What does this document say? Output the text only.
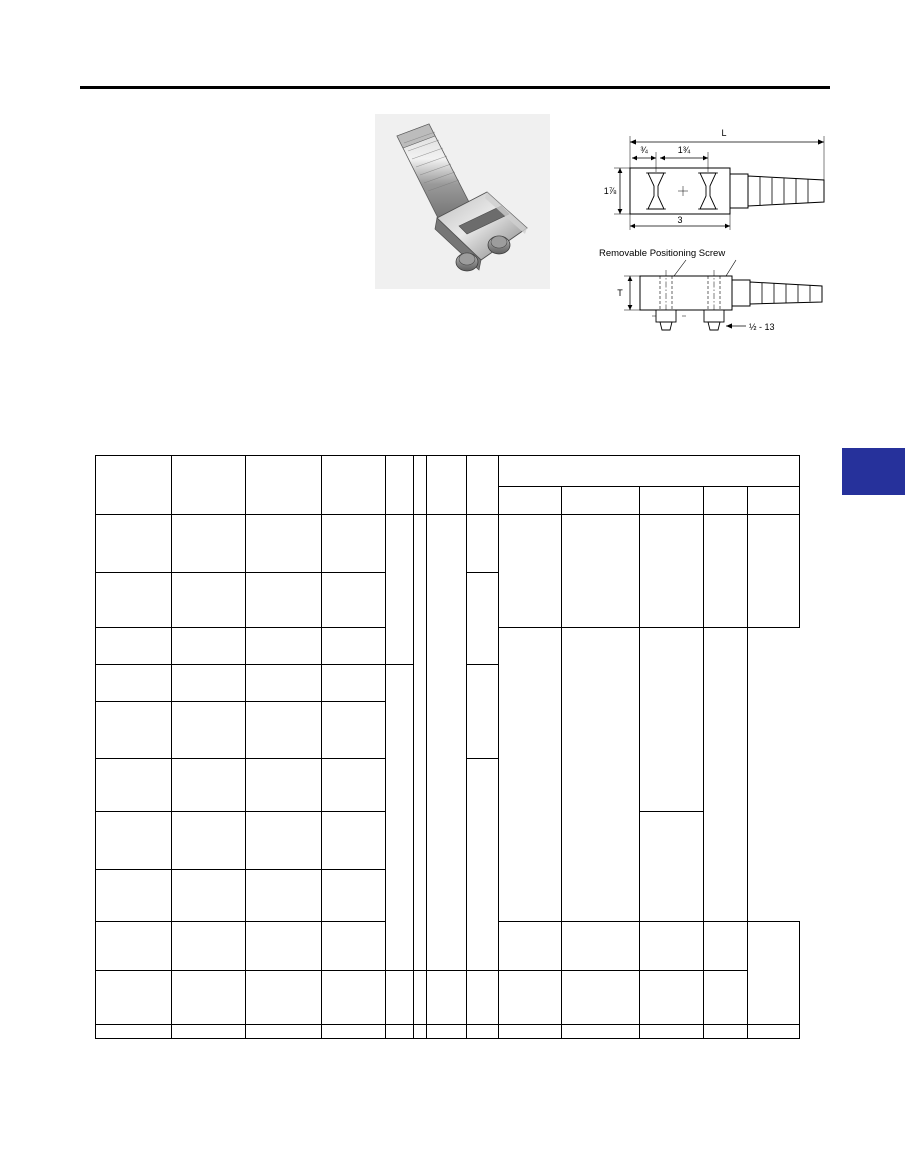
L
¾	1¾
1⅞
3
Removable Positioning Screw
T
½ - 13
